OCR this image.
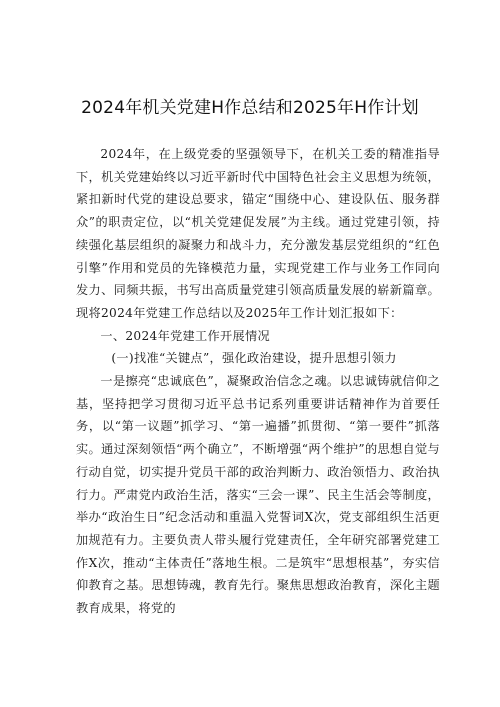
2024年机关党建H作总结和2025年H作计划

2024年，在上级党委的坚强领导下，在机关工委的精准指导下，机关党建始终以习近平新时代中国特色社会主义思想为统领，紧扣新时代党的建设总要求，锚定“围绕中心、建设队伍、服务群众”的职责定位，以“机关党建促发展”为主线。通过党建引领，持续强化基层组织的凝聚力和战斗力，充分激发基层党组织的“红色引擎”作用和党员的先锋模范力量，实现党建工作与业务工作同向发力、同频共振，书写出高质量党建引领高质量发展的崭新篇章。现将2024年党建工作总结以及2025年工作计划汇报如下：

一、2024年党建工作开展情况

(一)找准“关键点”，强化政治建设，提升思想引领力

一是擦亮“忠诚底色”，凝聚政治信念之魂。以忠诚铸就信仰之基，坚持把学习贯彻习近平总书记系列重要讲话精神作为首要任务，以“第一议题”抓学习、“第一遍播”抓贯彻、“第一要件”抓落实。通过深刻领悟“两个确立”，不断增强“两个维护”的思想自觉与行动自觉，切实提升党员干部的政治判断力、政治领悟力、政治执行力。严肃党内政治生活，落实“三会一课”、民主生活会等制度，举办“政治生日”纪念活动和重温入党誓词X次，党支部组织生活更加规范有力。主要负责人带头履行党建责任，全年研究部署党建工作X次，推动“主体责任”落地生根。二是筑牢“思想根基”，夯实信仰教育之基。思想铸魂，教育先行。聚焦思想政治教育，深化主题教育成果，将党的
